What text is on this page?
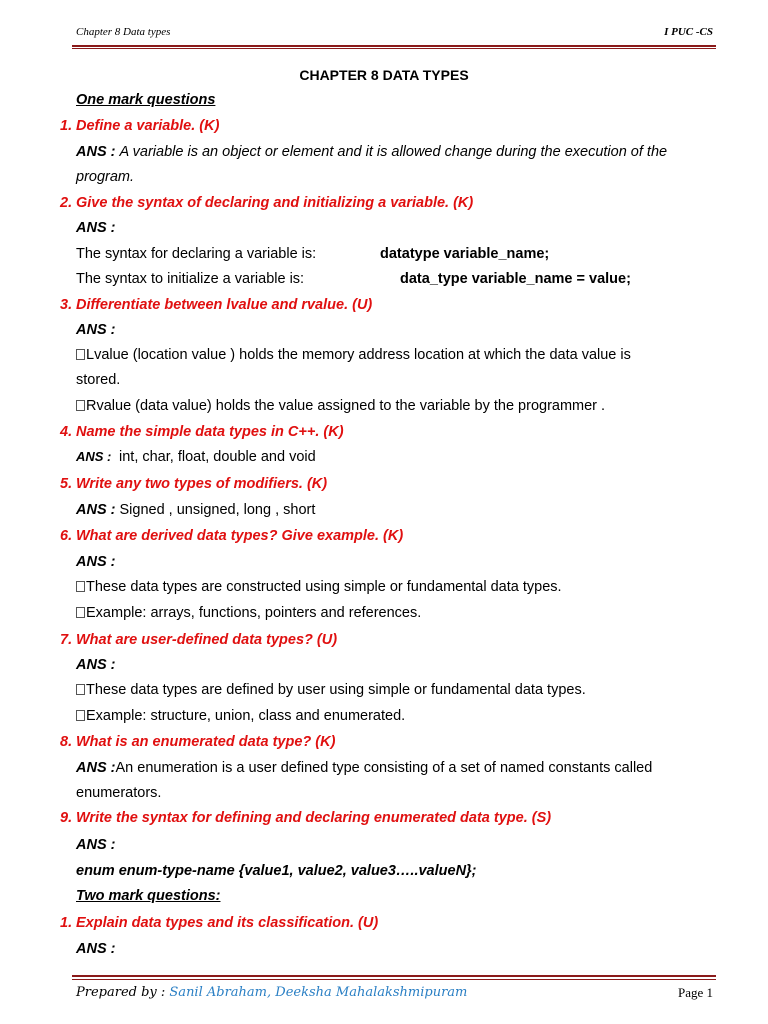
Chapter 8 Data types	I PUC -CS
CHAPTER 8 DATA TYPES
One mark questions
1. Define a variable. (K)
ANS : A variable is an object or element and it is allowed change during the execution of the
program.
2. Give the syntax of declaring and initializing a variable. (K)
ANS :
The syntax for declaring a variable is:	datatype variable_name;
The syntax to initialize a variable is:	data_type variable_name = value;
3. Differentiate between lvalue and rvalue. (U)
ANS :
Lvalue (location value ) holds the memory address location at which the data value is
stored.
Rvalue (data value) holds the value assigned to the variable by the programmer .
4. Name the simple data types in C++. (K)
ANS : int, char, float, double and void
5. Write any two types of modifiers. (K)
ANS : Signed , unsigned, long , short
6. What are derived data types? Give example. (K)
ANS :
These data types are constructed using simple or fundamental data types.
Example: arrays, functions, pointers and references.
7. What are user-defined data types? (U)
ANS :
These data types are defined by user using simple or fundamental data types.
Example: structure, union, class and enumerated.
8. What is an enumerated data type? (K)
ANS :An enumeration is a user defined type consisting of a set of named constants called
enumerators.
9. Write the syntax for defining and declaring enumerated data type. (S)
ANS :
enum enum-type-name {value1, value2, value3…..valueN};
Two mark questions:
1. Explain data types and its classification. (U)
ANS :
Prepared by : Sanil Abraham, Deeksha Mahalakshmipuram	Page 1
